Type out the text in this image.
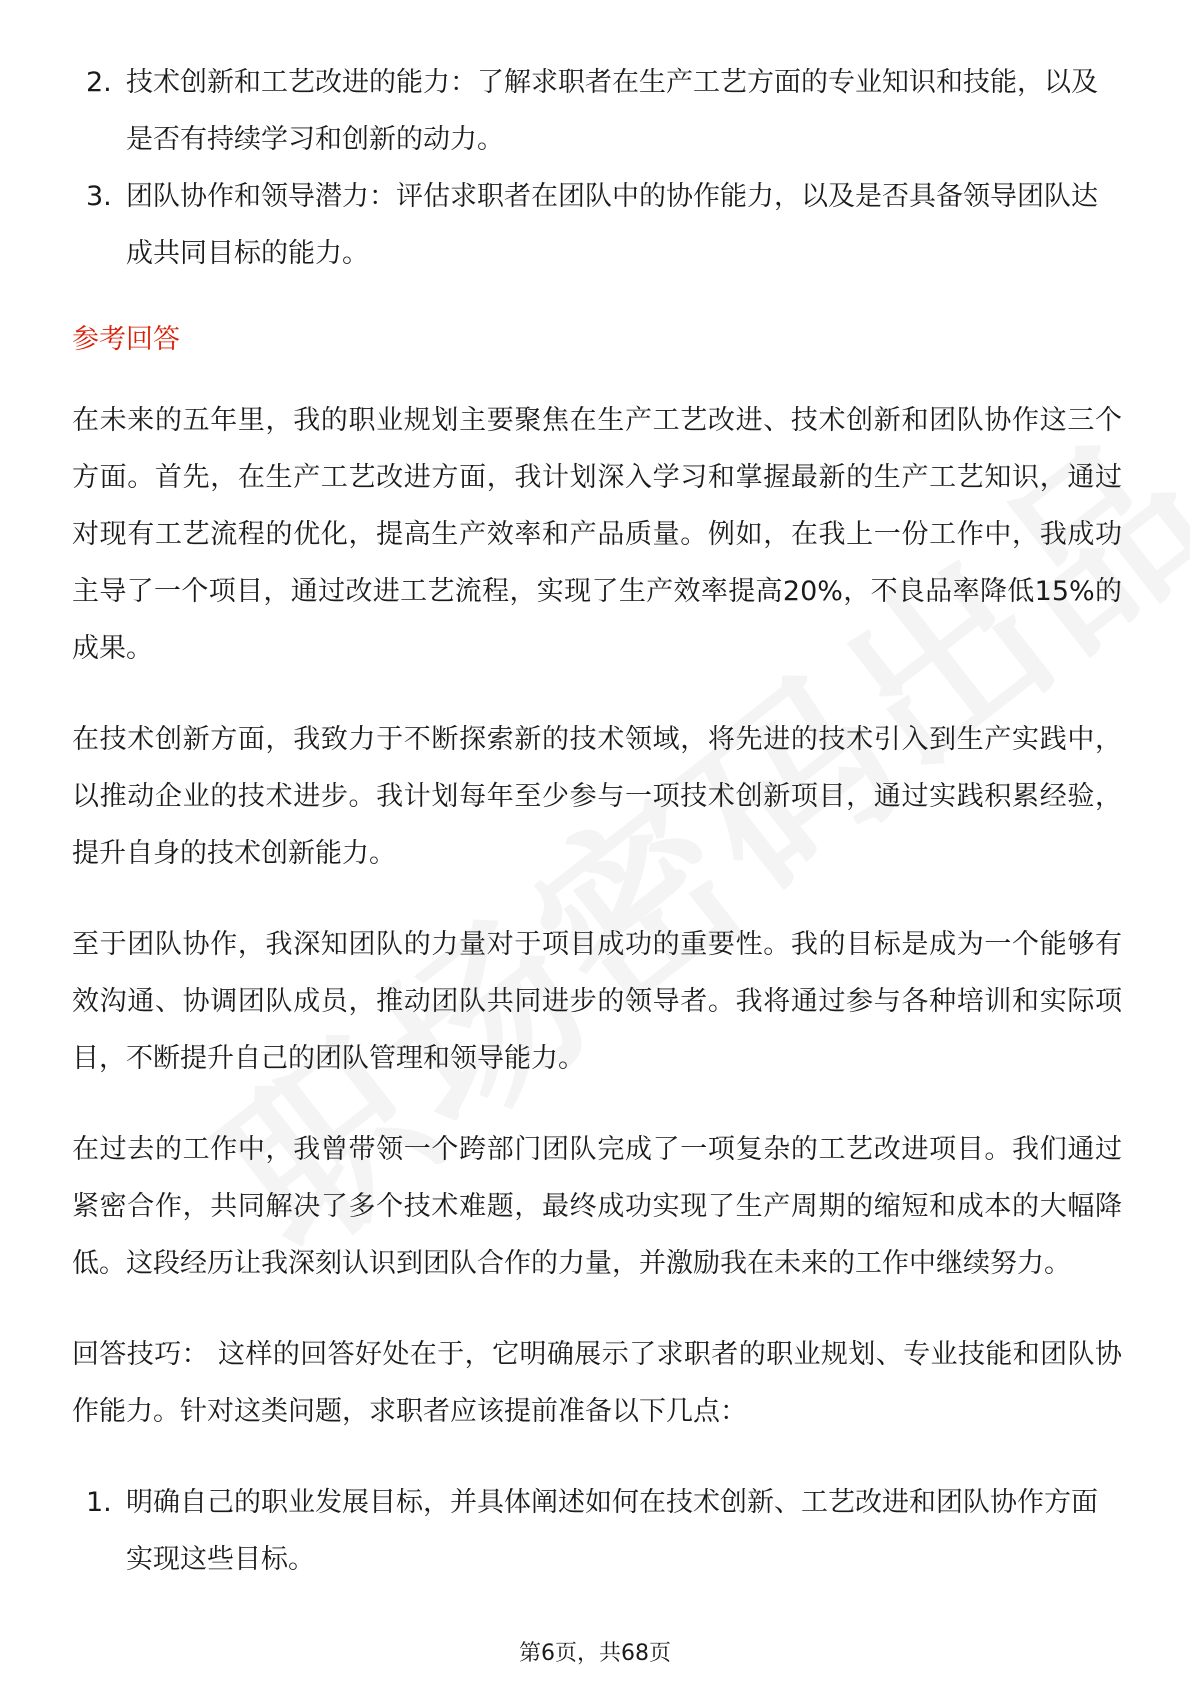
2. 技术创新和工艺改进的能力：了解求职者在生产工艺方面的专业知识和技能，以及是否有持续学习和创新的动力。
3. 团队协作和领导潜力：评估求职者在团队中的协作能力，以及是否具备领导团队达成共同目标的能力。
参考回答

在未来的五年里，我的职业规划主要聚焦在生产工艺改进、技术创新和团队协作这三个方面。首先，在生产工艺改进方面，我计划深入学习和掌握最新的生产工艺知识，通过对现有工艺流程的优化，提高生产效率和产品质量。例如，在我上一份工作中，我成功主导了一个项目，通过改进工艺流程，实现了生产效率提高20%，不良品率降低15%的成果。

在技术创新方面，我致力于不断探索新的技术领域，将先进的技术引入到生产实践中，以推动企业的技术进步。我计划每年至少参与一项技术创新项目，通过实践积累经验，提升自身的技术创新能力。

至于团队协作，我深知团队的力量对于项目成功的重要性。我的目标是成为一个能够有效沟通、协调团队成员，推动团队共同进步的领导者。我将通过参与各种培训和实际项目，不断提升自己的团队管理和领导能力。

在过去的工作中，我曾带领一个跨部门团队完成了一项复杂的工艺改进项目。我们通过紧密合作，共同解决了多个技术难题，最终成功实现了生产周期的缩短和成本的大幅降低。这段经历让我深刻认识到团队合作的力量，并激励我在未来的工作中继续努力。

回答技巧： 这样的回答好处在于，它明确展示了求职者的职业规划、专业技能和团队协作能力。针对这类问题，求职者应该提前准备以下几点：

1. 明确自己的职业发展目标，并具体阐述如何在技术创新、工艺改进和团队协作方面实现这些目标。
第6页，共68页
